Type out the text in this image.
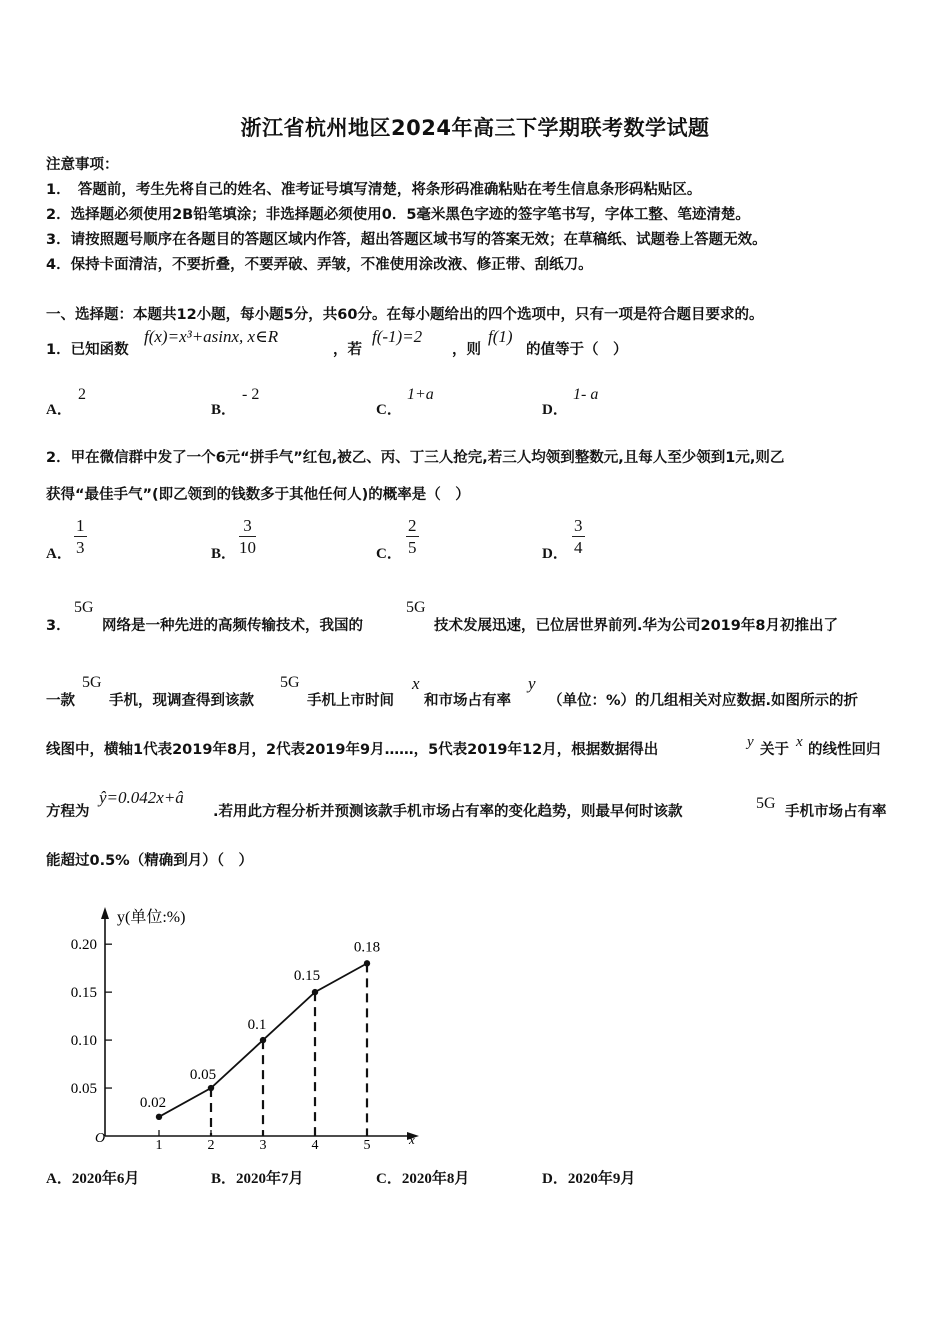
浙江省杭州地区2024年高三下学期联考数学试题
注意事项：
1．　答题前，考生先将自己的姓名、准考证号填写清楚，将条形码准确粘贴在考生信息条形码粘贴区。
2．选择题必须使用2B铅笔填涂；非选择题必须使用0．5毫米黑色字迹的签字笔书写，字体工整、笔迹清楚。
3．请按照题号顺序在各题目的答题区域内作答，超出答题区域书写的答案无效；在草稿纸、试题卷上答题无效。
4．保持卡面清洁，不要折叠，不要弄破、弄皱，不准使用涂改液、修正带、刮纸刀。
一、选择题：本题共12小题，每小题5分，共60分。在每小题给出的四个选项中，只有一项是符合题目要求的。
1．已知函数
f(x)=x³+asinx, x∈R
，若
f(-1)=2
，则
f(1)
的值等于（　）
A．
2
B．
- 2
C．
1+a
D．
1- a
2．甲在微信群中发了一个6元“拼手气”红包,被乙、丙、丁三人抢完,若三人均领到整数元,且每人至少领到1元,则乙
获得“最佳手气”(即乙领到的钱数多于其他任何人)的概率是（　）
A． $\frac{1}{3}$	B． $\frac{3}{10}$	C． $\frac{2}{5}$	D． $\frac{3}{4}$
3．
5G
网络是一种先进的高频传输技术，我国的
5G
技术发展迅速，已位居世界前列.华为公司2019年8月初推出了
一款
5G
手机，现调查得到该款
5G
手机上市时间
x
和市场占有率
y
（单位：%）的几组相关对应数据.如图所示的折
线图中，横轴1代表2019年8月，2代表2019年9月……，5代表2019年12月，根据数据得出	y 关于 x 的线性回归
方程为
ŷ=0.042x+â
.若用此方程分析并预测该款手机市场占有率的变化趋势，则最早何时该款	5G 手机市场占有率
能超过0.5%（精确到月）（　）
y(单位:%)
x
O
0.20
0.15
0.10
0.05
1	2	3	4	5
0.02
0.05
0.1
0.15
0.18
A．2020年6月	B．2020年7月	C．2020年8月	D．2020年9月
